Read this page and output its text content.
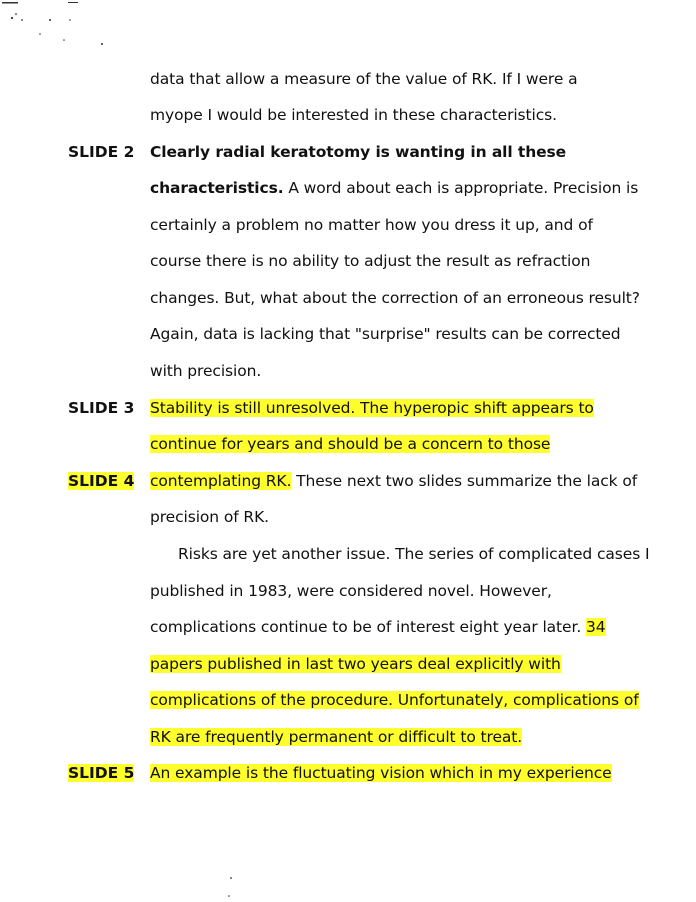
data that allow a measure of the value of RK. If I were a
myope I would be interested in these characteristics.
SLIDE 2 Clearly radial keratotomy is wanting in all these
characteristics. A word about each is appropriate. Precision is
certainly a problem no matter how you dress it up, and of
course there is no ability to adjust the result as refraction
changes. But, what about the correction of an erroneous result?
Again, data is lacking that "surprise" results can be corrected
with precision.
SLIDE 3 Stability is still unresolved. The hyperopic shift appears to
continue for years and should be a concern to those
SLIDE 4 contemplating RK. These next two slides summarize the lack of
precision of RK.
Risks are yet another issue. The series of complicated cases I
published in 1983, were considered novel. However,
complications continue to be of interest eight year later. 34
papers published in last two years deal explicitly with
complications of the procedure. Unfortunately, complications of
RK are frequently permanent or difficult to treat.
SLIDE 5 An example is the fluctuating vision which in my experience
